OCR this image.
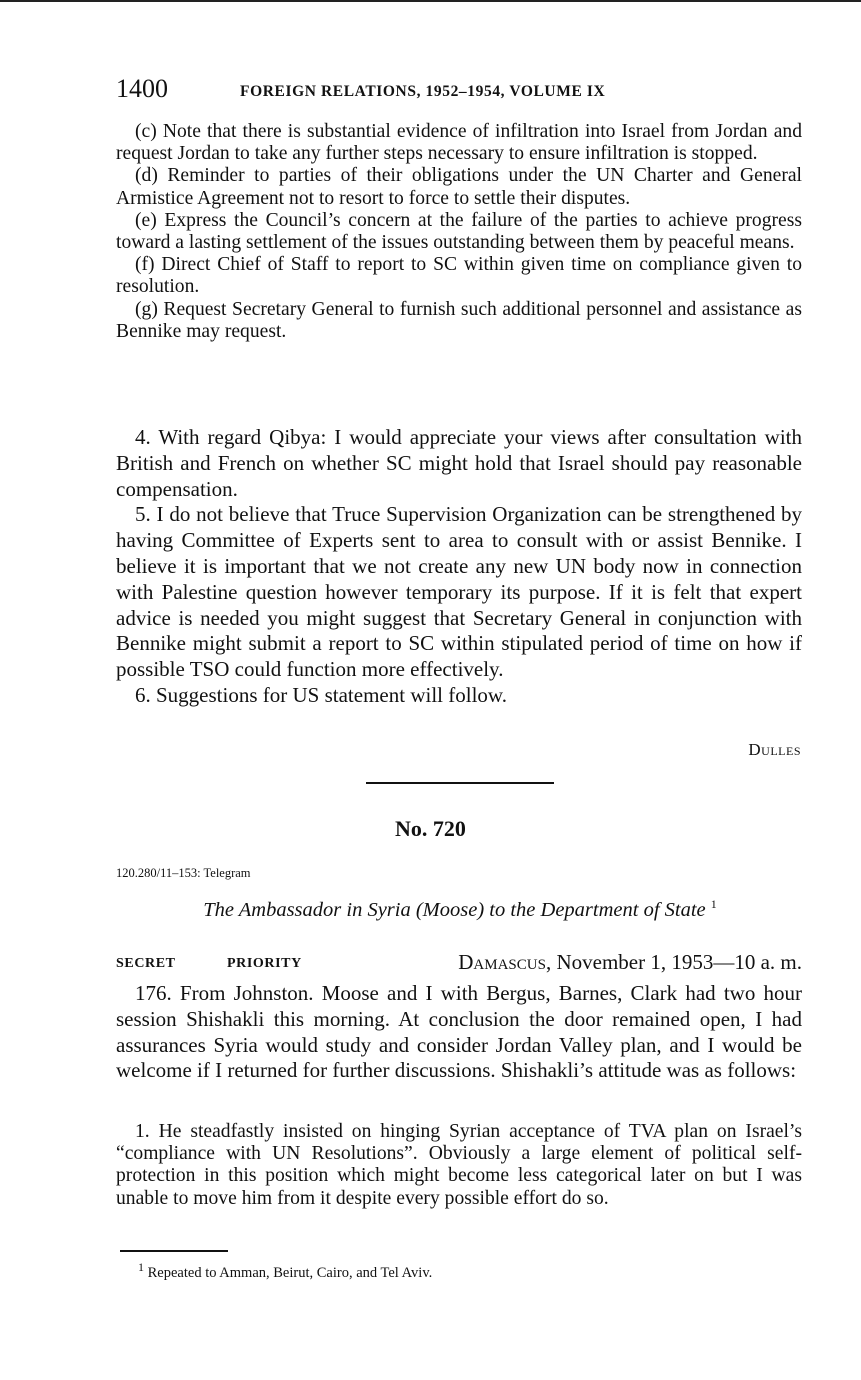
1400	FOREIGN RELATIONS, 1952–1954, VOLUME IX

(c) Note that there is substantial evidence of infiltration into Israel from Jordan and request Jordan to take any further steps necessary to ensure infiltration is stopped.

(d) Reminder to parties of their obligations under the UN Charter and General Armistice Agreement not to resort to force to settle their disputes.

(e) Express the Council’s concern at the failure of the parties to achieve progress toward a lasting settlement of the issues outstanding between them by peaceful means.

(f) Direct Chief of Staff to report to SC within given time on compliance given to resolution.

(g) Request Secretary General to furnish such additional personnel and assistance as Bennike may request.

4. With regard Qibya: I would appreciate your views after consultation with British and French on whether SC might hold that Israel should pay reasonable compensation.

5. I do not believe that Truce Supervision Organization can be strengthened by having Committee of Experts sent to area to consult with or assist Bennike. I believe it is important that we not create any new UN body now in connection with Palestine question however temporary its purpose. If it is felt that expert advice is needed you might suggest that Secretary General in conjunction with Bennike might submit a report to SC within stipulated period of time on how if possible TSO could function more effectively.

6. Suggestions for US statement will follow.

Dulles
No. 720
120.280/11–153: Telegram
The Ambassador in Syria (Moose) to the Department of State $^1$
SECRET	PRIORITY	Damascus, November 1, 1953—10 a. m.

176. From Johnston. Moose and I with Bergus, Barnes, Clark had two hour session Shishakli this morning. At conclusion the door remained open, I had assurances Syria would study and consider Jordan Valley plan, and I would be welcome if I returned for further discussions. Shishakli’s attitude was as follows:

1. He steadfastly insisted on hinging Syrian acceptance of TVA plan on Israel’s “compliance with UN Resolutions”. Obviously a large element of political self-protection in this position which might become less categorical later on but I was unable to move him from it despite every possible effort do so.

$^1$ Repeated to Amman, Beirut, Cairo, and Tel Aviv.
